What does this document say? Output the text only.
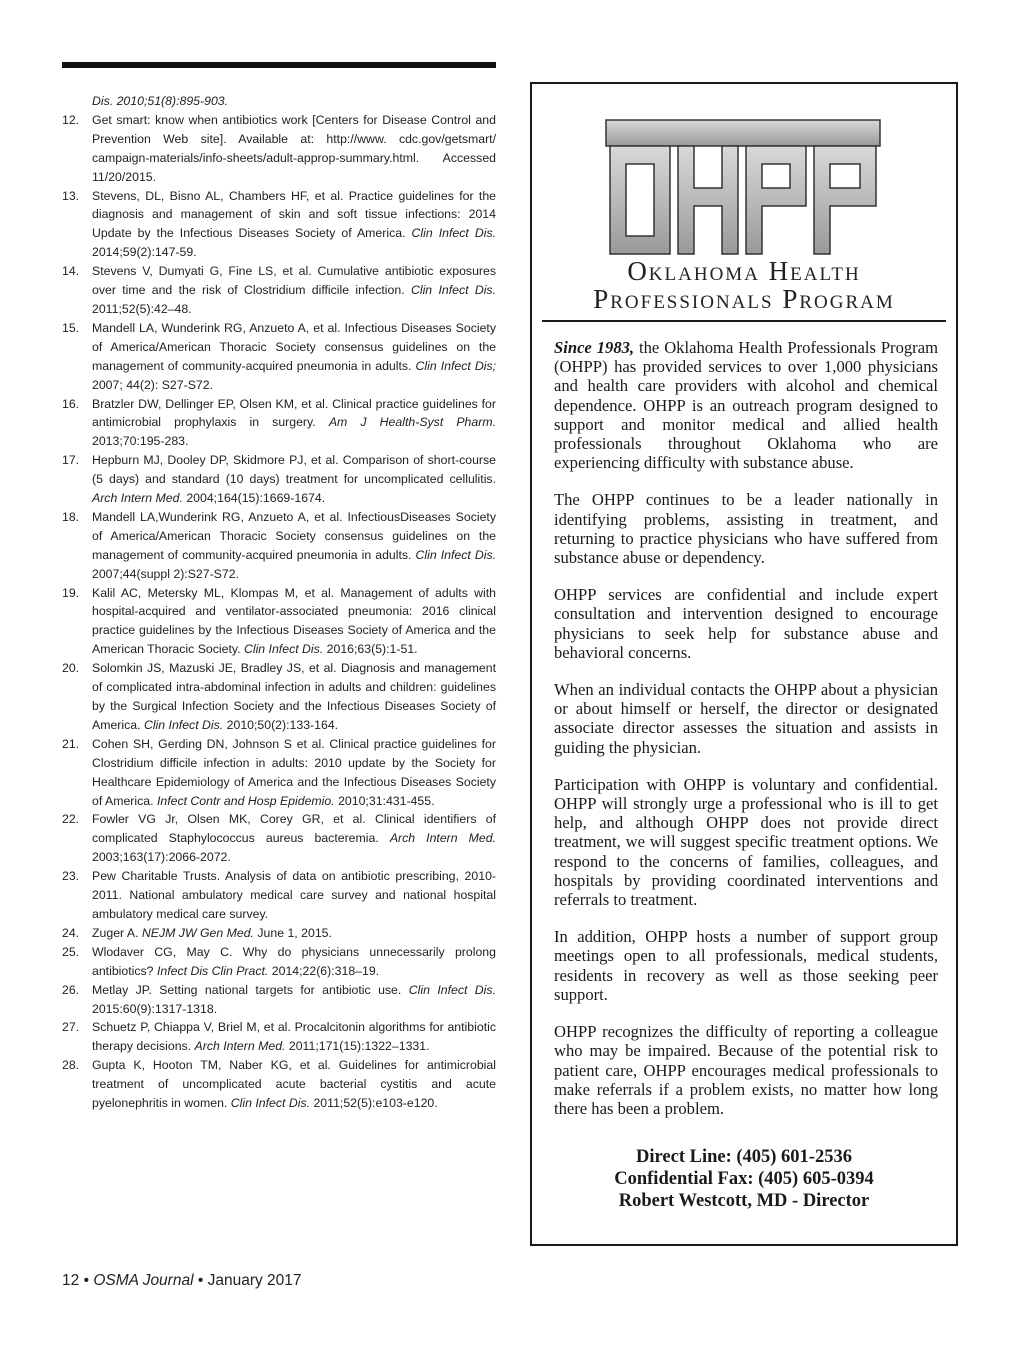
Dis. 2010;51(8):895-903.
12.	Get smart: know when antibiotics work [Centers for Disease Control and Prevention Web site]. Available at: http://www. cdc.gov/getsmart/ campaign-materials/info-sheets/adult-approp-summary.html. Accessed 11/20/2015.
13.	Stevens, DL, Bisno AL, Chambers HF, et al. Practice guidelines for the diagnosis and management of skin and soft tissue infections: 2014 Update by the Infectious Diseases Society of America. Clin Infect Dis. 2014;59(2):147-59.
14.	Stevens V, Dumyati G, Fine LS, et al. Cumulative antibiotic exposures over time and the risk of Clostridium difficile infection. Clin Infect Dis. 2011;52(5):42–48.
15.	Mandell LA, Wunderink RG, Anzueto A, et al. Infectious Diseases Society of America/American Thoracic Society consensus guidelines on the management of community-acquired pneumonia in adults. Clin Infect Dis; 2007; 44(2): S27-S72.
16.	Bratzler DW, Dellinger EP, Olsen KM, et al. Clinical practice guidelines for antimicrobial prophylaxis in surgery. Am J Health-Syst Pharm. 2013;70:195-283.
17.	Hepburn MJ, Dooley DP, Skidmore PJ, et al. Comparison of short-course (5 days) and standard (10 days) treatment for uncomplicated cellulitis. Arch Intern Med. 2004;164(15):1669-1674.
18.	Mandell LA,Wunderink RG, Anzueto A, et al. InfectiousDiseases Society of America/American Thoracic Society consensus guidelines on the management of community-acquired pneumonia in adults. Clin Infect Dis. 2007;44(suppl 2):S27-S72.
19.	Kalil AC, Metersky ML, Klompas M, et al. Management of adults with hospital-acquired and ventilator-associated pneumonia: 2016 clinical practice guidelines by the Infectious Diseases Society of America and the American Thoracic Society. Clin Infect Dis. 2016;63(5):1-51.
20.	Solomkin JS, Mazuski JE, Bradley JS, et al. Diagnosis and management of complicated intra-abdominal infection in adults and children: guidelines by the Surgical Infection Society and the Infectious Diseases Society of America. Clin Infect Dis. 2010;50(2):133-164.
21.	Cohen SH, Gerding DN, Johnson S et al. Clinical practice guidelines for Clostridium difficile infection in adults: 2010 update by the Society for Healthcare Epidemiology of America and the Infectious Diseases Society of America. Infect Contr and Hosp Epidemio. 2010;31:431-455.
22.	Fowler VG Jr, Olsen MK, Corey GR, et al. Clinical identifiers of complicated Staphylococcus aureus bacteremia. Arch Intern Med. 2003;163(17):2066-2072.
23.	Pew Charitable Trusts. Analysis of data on antibiotic prescribing, 2010-2011. National ambulatory medical care survey and national hospital ambulatory medical care survey.
24.	Zuger A. NEJM JW Gen Med. June 1, 2015.
25.	Wlodaver CG, May C. Why do physicians unnecessarily prolong antibiotics? Infect Dis Clin Pract. 2014;22(6):318–19.
26.	Metlay JP. Setting national targets for antibiotic use. Clin Infect Dis. 2015:60(9):1317-1318.
27.	Schuetz P, Chiappa V, Briel M, et al. Procalcitonin algorithms for antibiotic therapy decisions. Arch Intern Med. 2011;171(15):1322–1331.
28.	Gupta K, Hooton TM, Naber KG, et al. Guidelines for antimicrobial treatment of uncomplicated acute bacterial cystitis and acute pyelonephritis in women. Clin Infect Dis. 2011;52(5):e103-e120.
12 • OSMA Journal • January 2017
Oklahoma Health
Professionals Program

Since 1983, the Oklahoma Health Professionals Program (OHPP) has provided services to over 1,000 physicians and health care providers with alcohol and chemical dependence. OHPP is an outreach program designed to support and monitor medical and allied health professionals throughout Oklahoma who are experiencing difficulty with substance abuse.

The OHPP continues to be a leader nationally in identifying problems, assisting in treatment, and returning to practice physicians who have suffered from substance abuse or dependency.

OHPP services are confidential and include expert consultation and intervention designed to encourage physicians to seek help for substance abuse and behavioral concerns.

When an individual contacts the OHPP about a physician or about himself or herself, the director or designated associate director assesses the situation and assists in guiding the physician.

Participation with OHPP is voluntary and confidential. OHPP will strongly urge a professional who is ill to get help, and although OHPP does not provide direct treatment, we will suggest specific treatment options. We respond to the concerns of families, colleagues, and hospitals by providing coordinated interventions and referrals to treatment.

In addition, OHPP hosts a number of support group meetings open to all professionals, medical students, residents in recovery as well as those seeking peer support.

OHPP recognizes the difficulty of reporting a colleague who may be impaired. Because of the potential risk to patient care, OHPP encourages medical professionals to make referrals if a problem exists, no matter how long there has been a problem.

Direct Line: (405) 601-2536
Confidential Fax: (405) 605-0394
Robert Westcott, MD - Director
